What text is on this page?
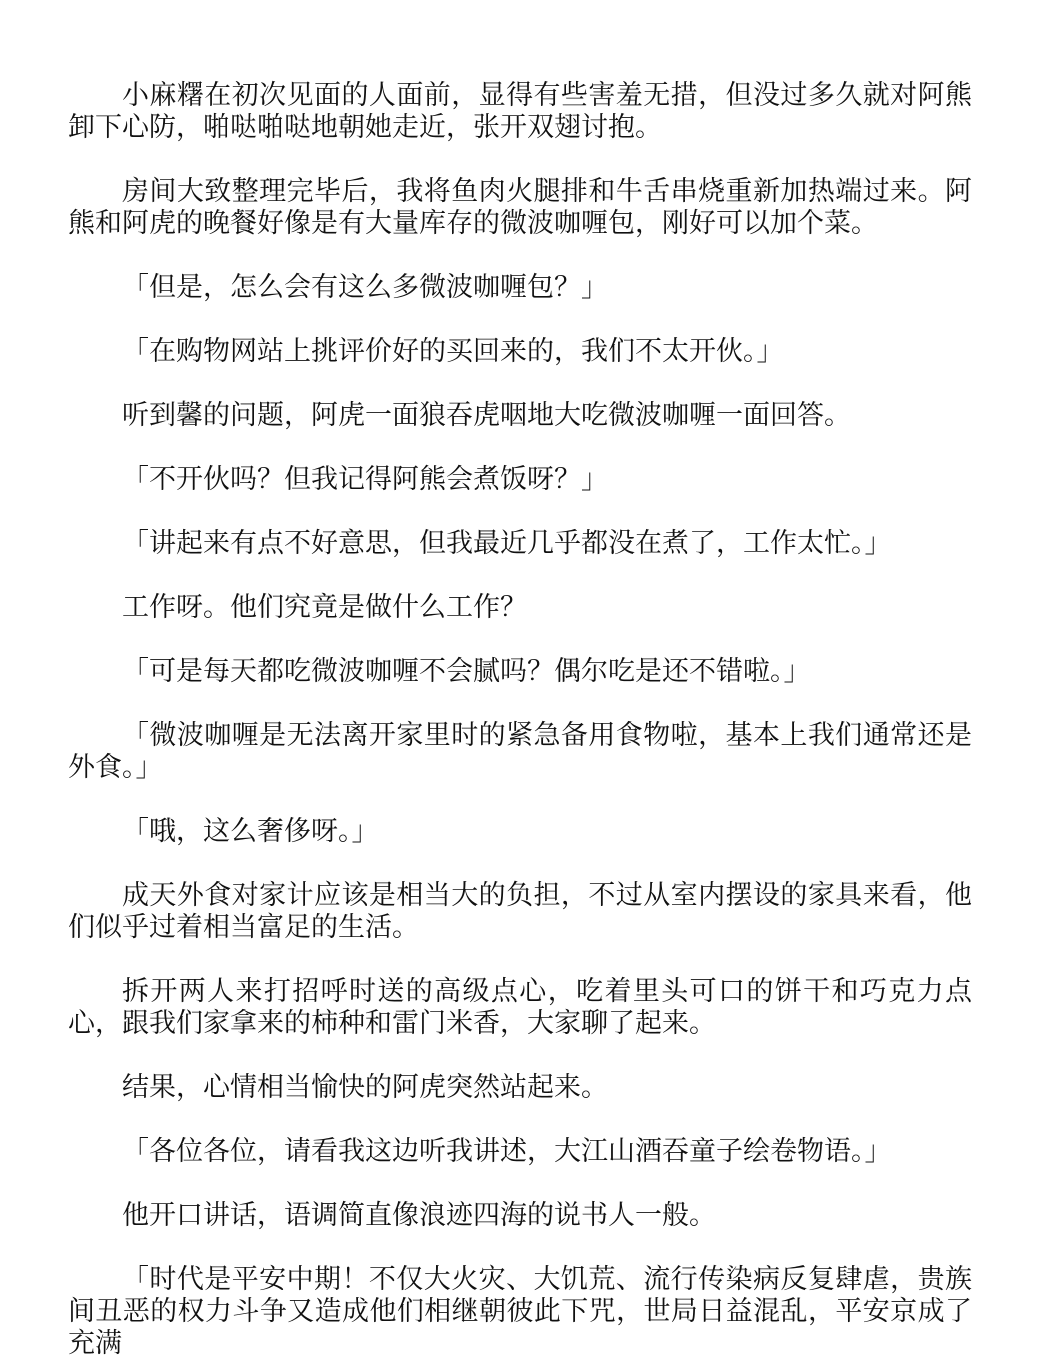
小麻糬在初次见面的人面前，显得有些害羞无措，但没过多久就对阿熊卸下心防，啪哒啪哒地朝她走近，张开双翅讨抱。

房间大致整理完毕后，我将鱼肉火腿排和牛舌串烧重新加热端过来。阿熊和阿虎的晚餐好像是有大量库存的微波咖喱包，刚好可以加个菜。

「但是，怎么会有这么多微波咖喱包？」

「在购物网站上挑评价好的买回来的，我们不太开伙。」

听到馨的问题，阿虎一面狼吞虎咽地大吃微波咖喱一面回答。

「不开伙吗？但我记得阿熊会煮饭呀？」

「讲起来有点不好意思，但我最近几乎都没在煮了，工作太忙。」

工作呀。他们究竟是做什么工作？

「可是每天都吃微波咖喱不会腻吗？偶尔吃是还不错啦。」

「微波咖喱是无法离开家里时的紧急备用食物啦，基本上我们通常还是外食。」

「哦，这么奢侈呀。」

成天外食对家计应该是相当大的负担，不过从室内摆设的家具来看，他们似乎过着相当富足的生活。

拆开两人来打招呼时送的高级点心，吃着里头可口的饼干和巧克力点心，跟我们家拿来的柿种和雷门米香，大家聊了起来。

结果，心情相当愉快的阿虎突然站起来。

「各位各位，请看我这边听我讲述，大江山酒吞童子绘卷物语。」

他开口讲话，语调简直像浪迹四海的说书人一般。

「时代是平安中期！不仅大火灾、大饥荒、流行传染病反复肆虐，贵族间丑恶的权力斗争又造成他们相继朝彼此下咒，世局日益混乱，平安京成了充满
